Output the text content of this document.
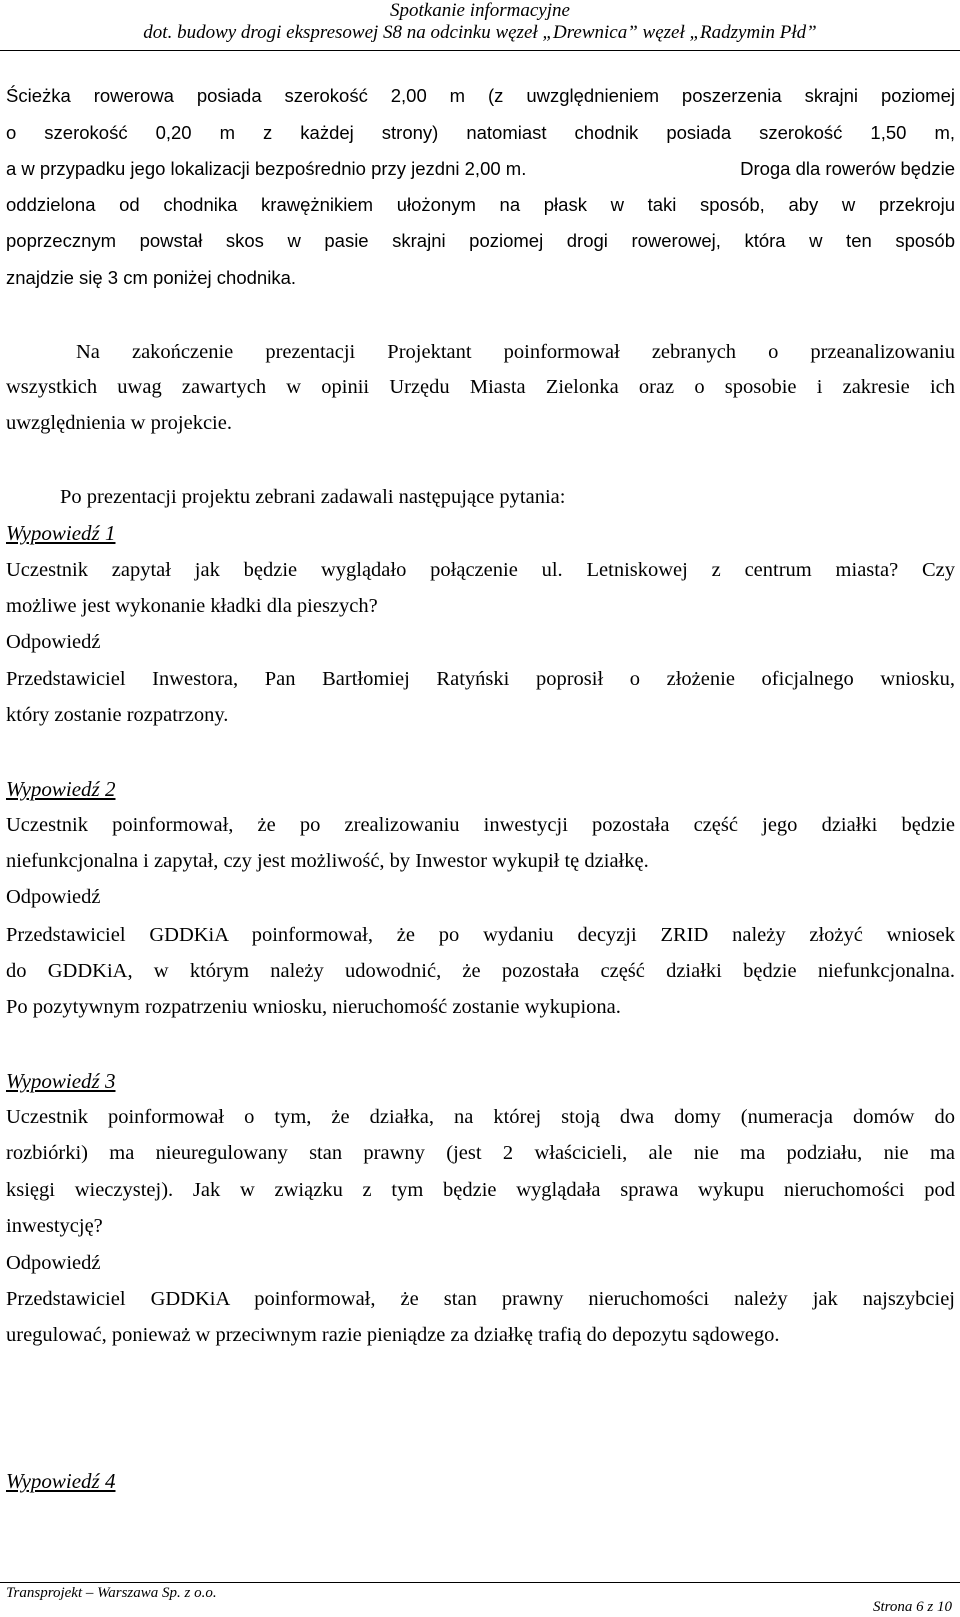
Spotkanie informacyjne
dot. budowy drogi ekspresowej S8 na odcinku węzeł „Drewnica” węzeł „Radzymin Płd”
Ścieżka rowerowa posiada szerokość 2,00 m (z uwzględnieniem poszerzenia skrajni poziomej
o szerokość 0,20 m z każdej strony) natomiast chodnik posiada szerokość 1,50 m,
a w przypadku jego lokalizacji bezpośrednio przy jezdni 2,00 m.	Droga dla rowerów będzie
oddzielona od chodnika krawężnikiem ułożonym na płask w taki sposób, aby w przekroju
poprzecznym powstał skos w pasie skrajni poziomej drogi rowerowej, która w ten sposób
znajdzie się 3 cm poniżej chodnika.
Na zakończenie prezentacji Projektant poinformował zebranych o przeanalizowaniu
wszystkich uwag zawartych w opinii Urzędu Miasta Zielonka oraz o sposobie i zakresie ich
uwzględnienia w projekcie.
Po prezentacji projektu zebrani zadawali następujące pytania:
Wypowiedź 1
Uczestnik zapytał jak będzie wyglądało połączenie ul. Letniskowej z centrum miasta? Czy
możliwe jest wykonanie kładki dla pieszych?
Odpowiedź
Przedstawiciel Inwestora, Pan Bartłomiej Ratyński poprosił o złożenie oficjalnego wniosku,
który zostanie rozpatrzony.
Wypowiedź 2
Uczestnik poinformował, że po zrealizowaniu inwestycji pozostała część jego działki będzie
niefunkcjonalna i zapytał, czy jest możliwość, by Inwestor wykupił tę działkę.
Odpowiedź
Przedstawiciel GDDKiA poinformował, że po wydaniu decyzji ZRID należy złożyć wniosek
do GDDKiA, w którym należy udowodnić, że pozostała część działki będzie niefunkcjonalna.
Po pozytywnym rozpatrzeniu wniosku, nieruchomość zostanie wykupiona.
Wypowiedź 3
Uczestnik poinformował o tym, że działka, na której stoją dwa domy (numeracja domów do
rozbiórki) ma nieuregulowany stan prawny (jest 2 właścicieli, ale nie ma podziału, nie ma
księgi wieczystej). Jak w związku z tym będzie wyglądała sprawa wykupu nieruchomości pod
inwestycję?
Odpowiedź
Przedstawiciel GDDKiA poinformował, że stan prawny nieruchomości należy jak najszybciej
uregulować, ponieważ w przeciwnym razie pieniądze za działkę trafią do depozytu sądowego.
Wypowiedź 4
Transprojekt – Warszawa Sp. z o.o.
Strona 6 z 10
